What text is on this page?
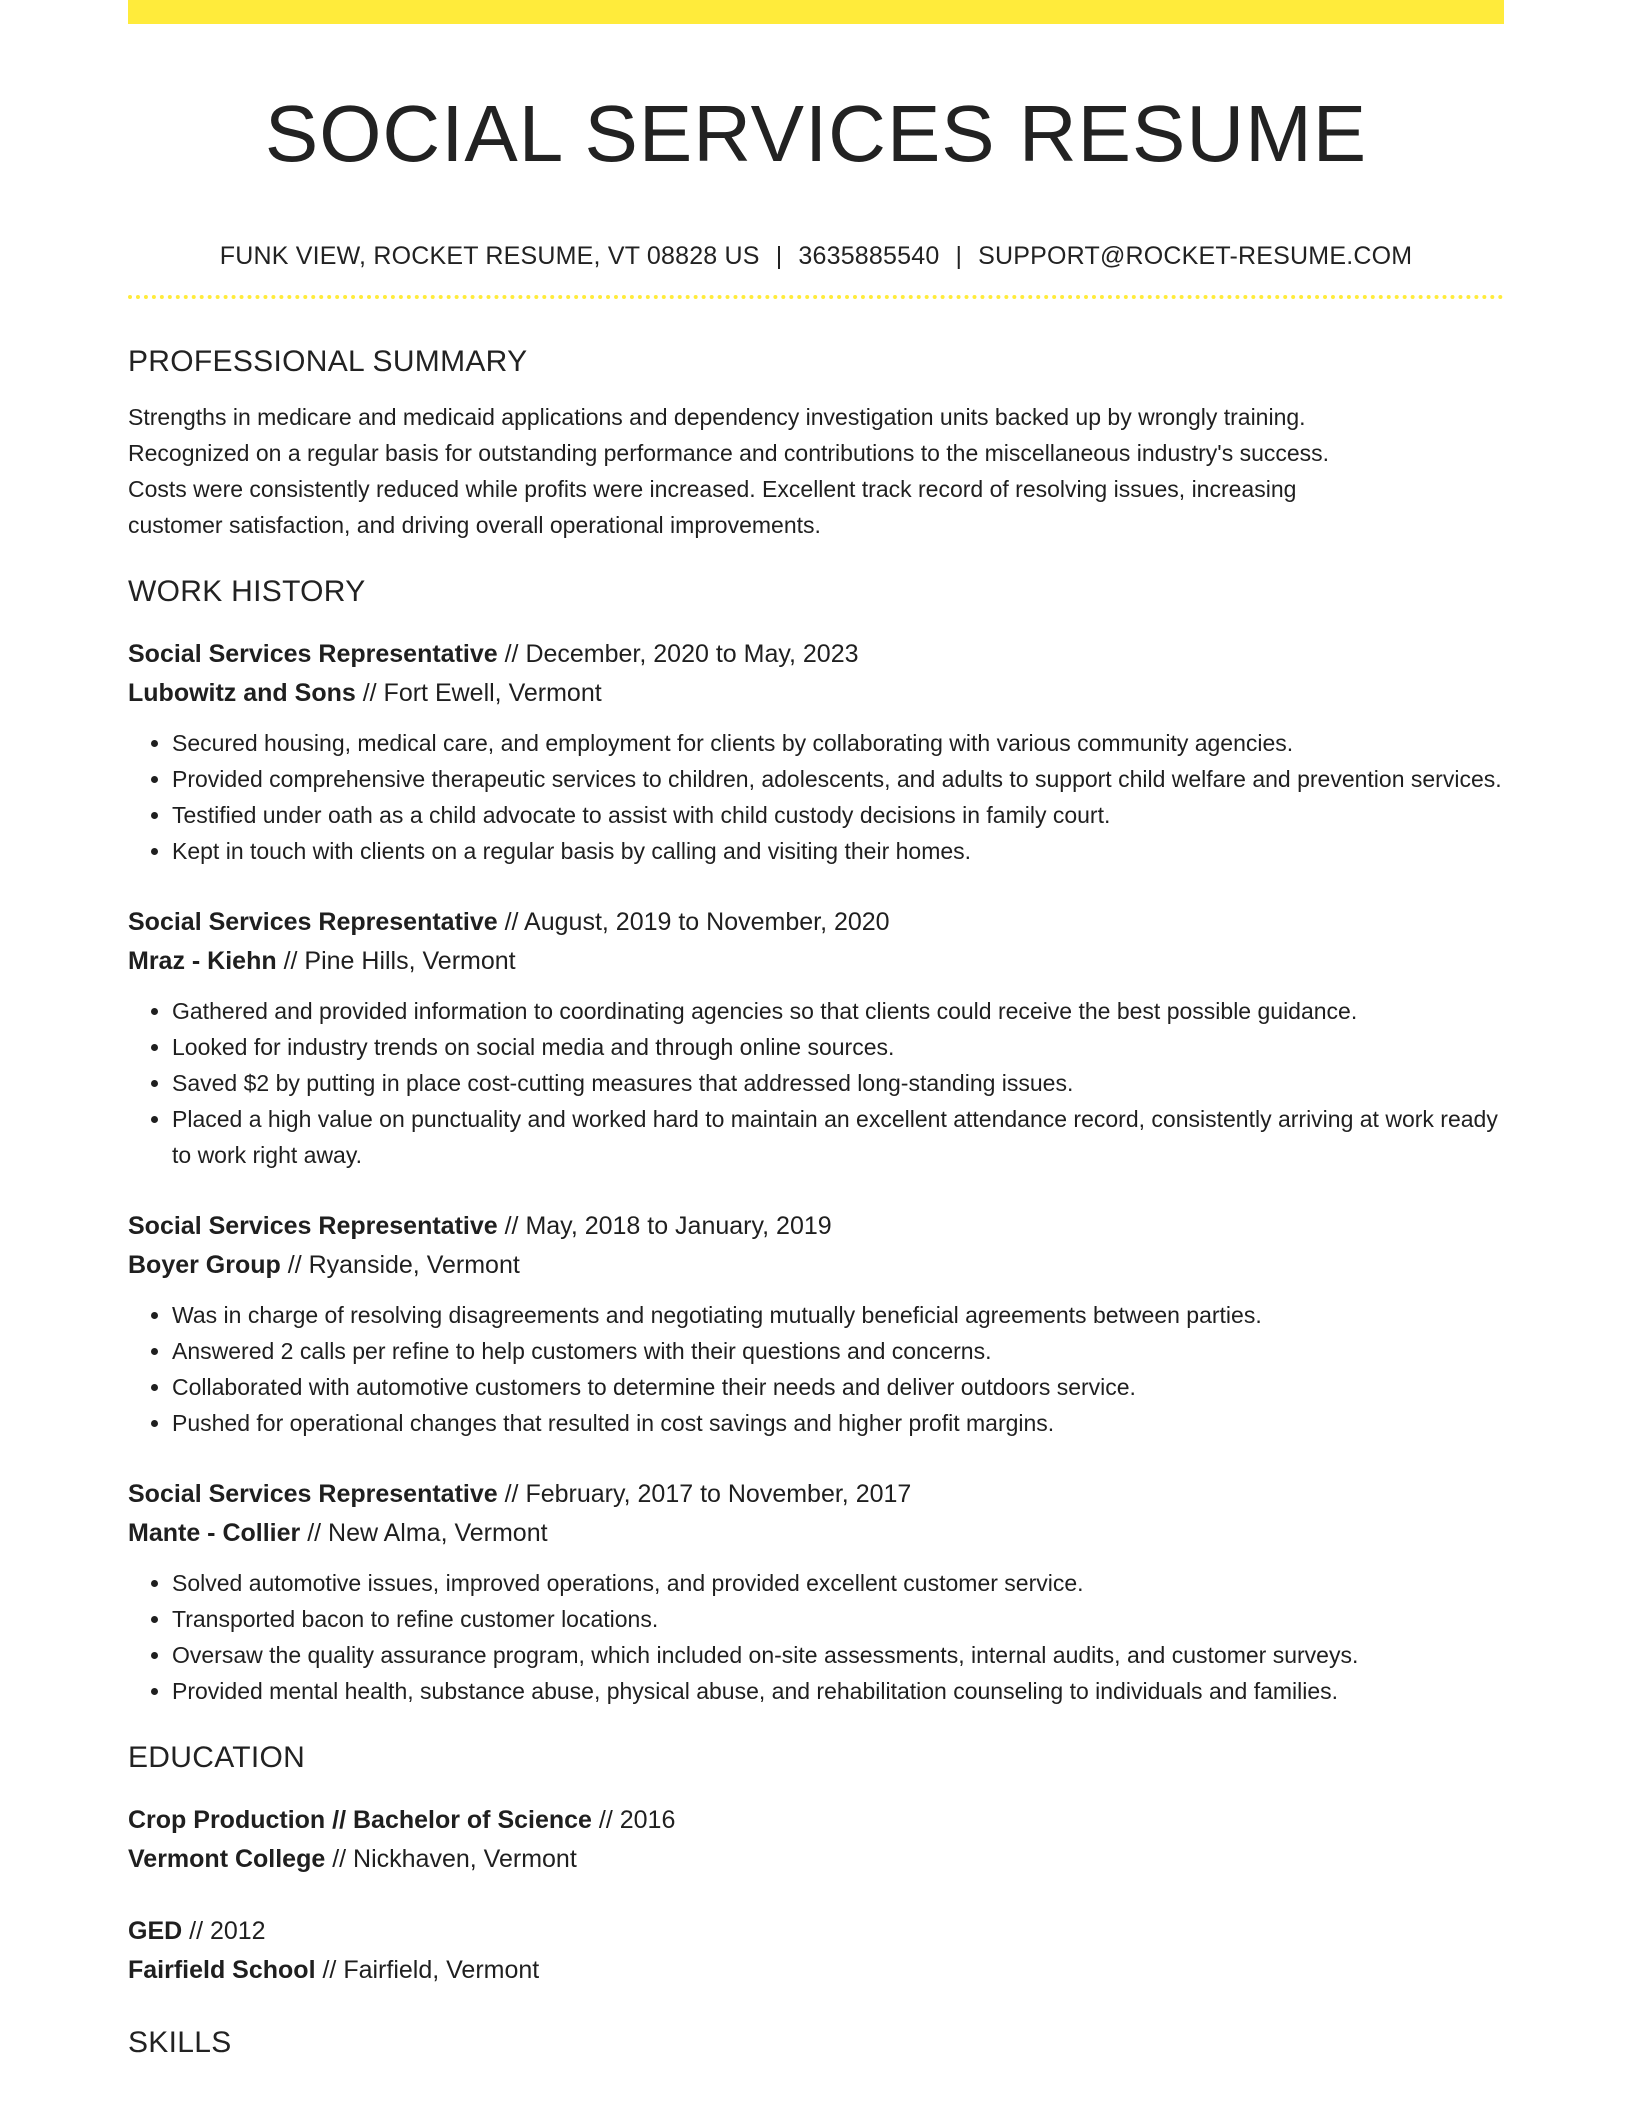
SOCIAL SERVICES RESUME
FUNK VIEW, ROCKET RESUME, VT 08828 US | 3635885540 | SUPPORT@ROCKET-RESUME.COM
PROFESSIONAL SUMMARY
Strengths in medicare and medicaid applications and dependency investigation units backed up by wrongly training.
Recognized on a regular basis for outstanding performance and contributions to the miscellaneous industry's success.
Costs were consistently reduced while profits were increased. Excellent track record of resolving issues, increasing
customer satisfaction, and driving overall operational improvements.
WORK HISTORY
Social Services Representative // December, 2020 to May, 2023
Lubowitz and Sons // Fort Ewell, Vermont
• Secured housing, medical care, and employment for clients by collaborating with various community agencies.
• Provided comprehensive therapeutic services to children, adolescents, and adults to support child welfare and prevention services.
• Testified under oath as a child advocate to assist with child custody decisions in family court.
• Kept in touch with clients on a regular basis by calling and visiting their homes.
Social Services Representative // August, 2019 to November, 2020
Mraz - Kiehn // Pine Hills, Vermont
• Gathered and provided information to coordinating agencies so that clients could receive the best possible guidance.
• Looked for industry trends on social media and through online sources.
• Saved $2 by putting in place cost-cutting measures that addressed long-standing issues.
• Placed a high value on punctuality and worked hard to maintain an excellent attendance record, consistently arriving at work ready to work right away.
Social Services Representative // May, 2018 to January, 2019
Boyer Group // Ryanside, Vermont
• Was in charge of resolving disagreements and negotiating mutually beneficial agreements between parties.
• Answered 2 calls per refine to help customers with their questions and concerns.
• Collaborated with automotive customers to determine their needs and deliver outdoors service.
• Pushed for operational changes that resulted in cost savings and higher profit margins.
Social Services Representative // February, 2017 to November, 2017
Mante - Collier // New Alma, Vermont
• Solved automotive issues, improved operations, and provided excellent customer service.
• Transported bacon to refine customer locations.
• Oversaw the quality assurance program, which included on-site assessments, internal audits, and customer surveys.
• Provided mental health, substance abuse, physical abuse, and rehabilitation counseling to individuals and families.
EDUCATION
Crop Production // Bachelor of Science // 2016
Vermont College // Nickhaven, Vermont
GED // 2012
Fairfield School // Fairfield, Vermont
SKILLS
